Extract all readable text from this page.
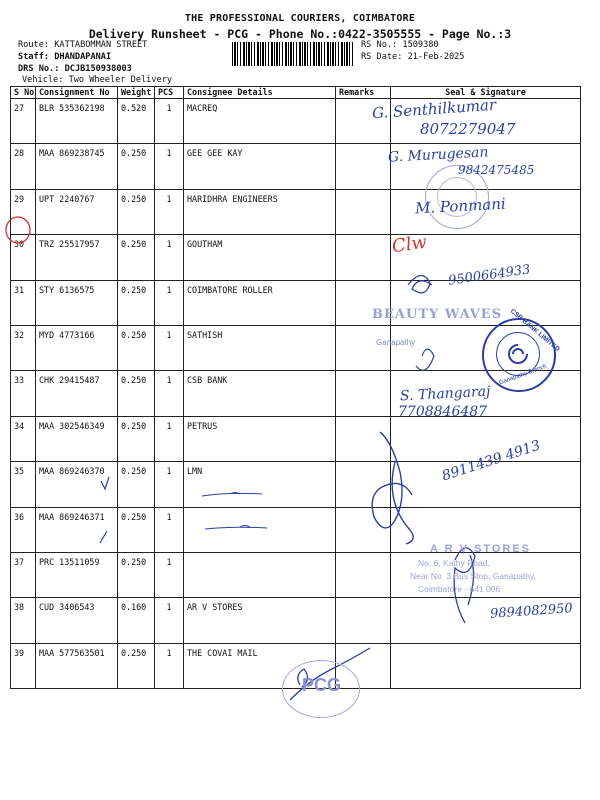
THE PROFESSIONAL COURIERS, COIMBATORE
Delivery Runsheet - PCG - Phone No.:0422-3505555 - Page No.:3
Route: KATTABOMMAN STREET
Staff: DHANDAPANAI
DRS No.: DCJB150938003
Vehicle: Two Wheeler Delivery
RS No.: 1509380
RS Date: 21-Feb-2025
S No	Consignment No	Weight	PCS	Consignee Details	Remarks	Seal & Signature
27	BLR 535362198	0.520	1	MACREQ		
28	MAA 869238745	0.250	1	GEE GEE KAY		
29	UPT 2240767	0.250	1	HARIDHRA ENGINEERS		
30	TRZ 25517957	0.250	1	GOUTHAM		
31	STY 6136575	0.250	1	COIMBATORE ROLLER		
32	MYD 4773166	0.250	1	SATHISH		
33	CHK 29415487	0.250	1	CSB BANK		
34	MAA 302546349	0.250	1	PETRUS		
35	MAA 869246370	0.250	1	LMN		
36	MAA 869246371	0.250	1			
37	PRC 13511059	0.250	1			
38	CUD 3406543	0.160	1	AR V STORES		
39	MAA 577563501	0.250	1	THE COVAI MAIL		
CSB BANK LIMITED
Ganapathy Branch
BEAUTY WAVES
Ganapathy
A R V STORES
No. 6, Kathy Road,
Near No. 3 Bus Stop, Ganapathy,
Coimbatore - 641 006
PCG
G. Senthilkumar
8072279047
G. Murugesan
9842475485
M. Ponmani
Clw
9500664933
S. Thangaraj
7708846487
8911439 4913
9894082950
